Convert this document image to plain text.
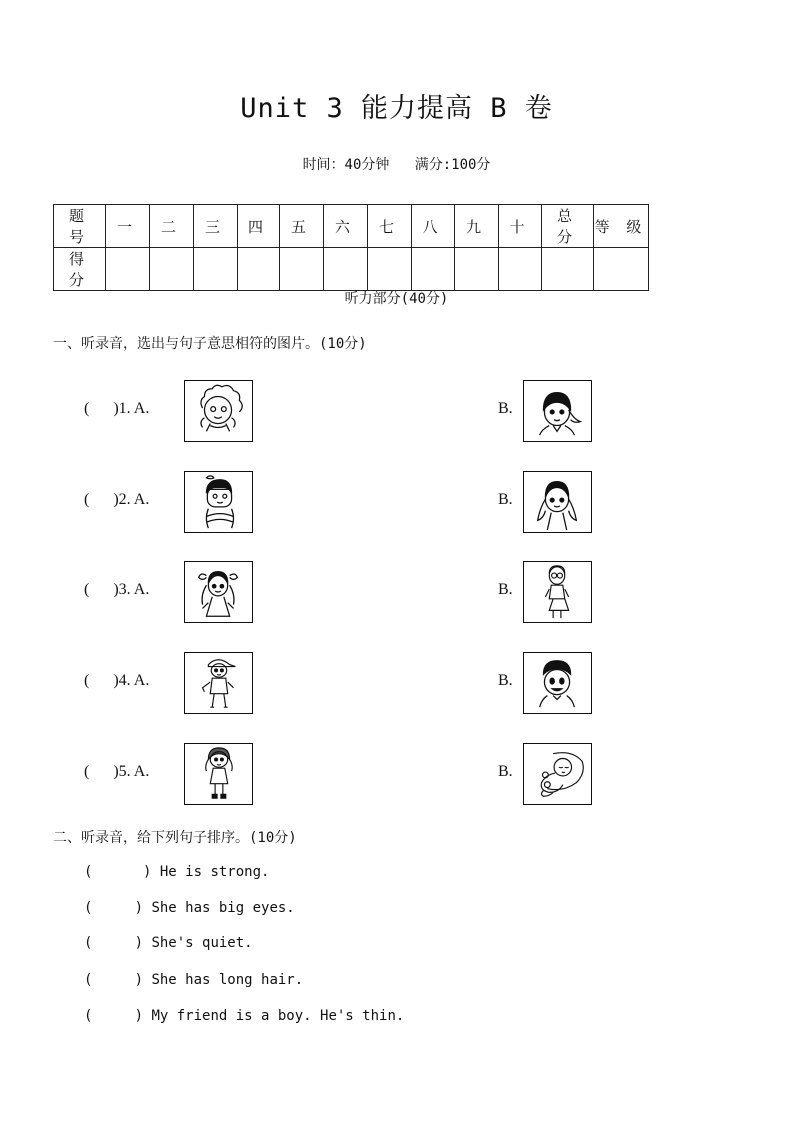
Unit 3 能力提高 B 卷
时间：40分钟   满分:100分
题 号	一	二	三	四	五	六	七	八	九	十	总 分	等 级
得 分												
听力部分(40分)
一、听录音，选出与句子意思相符的图片。(10分)
(      )1. A.	B.
(      )2. A.	B.
(      )3. A.	B.
(      )4. A.	B.
(      )5. A.	B.
二、听录音，给下列句子排序。(10分)
(      ) He is strong.
(     ) She has big eyes.
(     ) She's quiet.
(     ) She has long hair.
(     ) My friend is a boy. He's thin.
